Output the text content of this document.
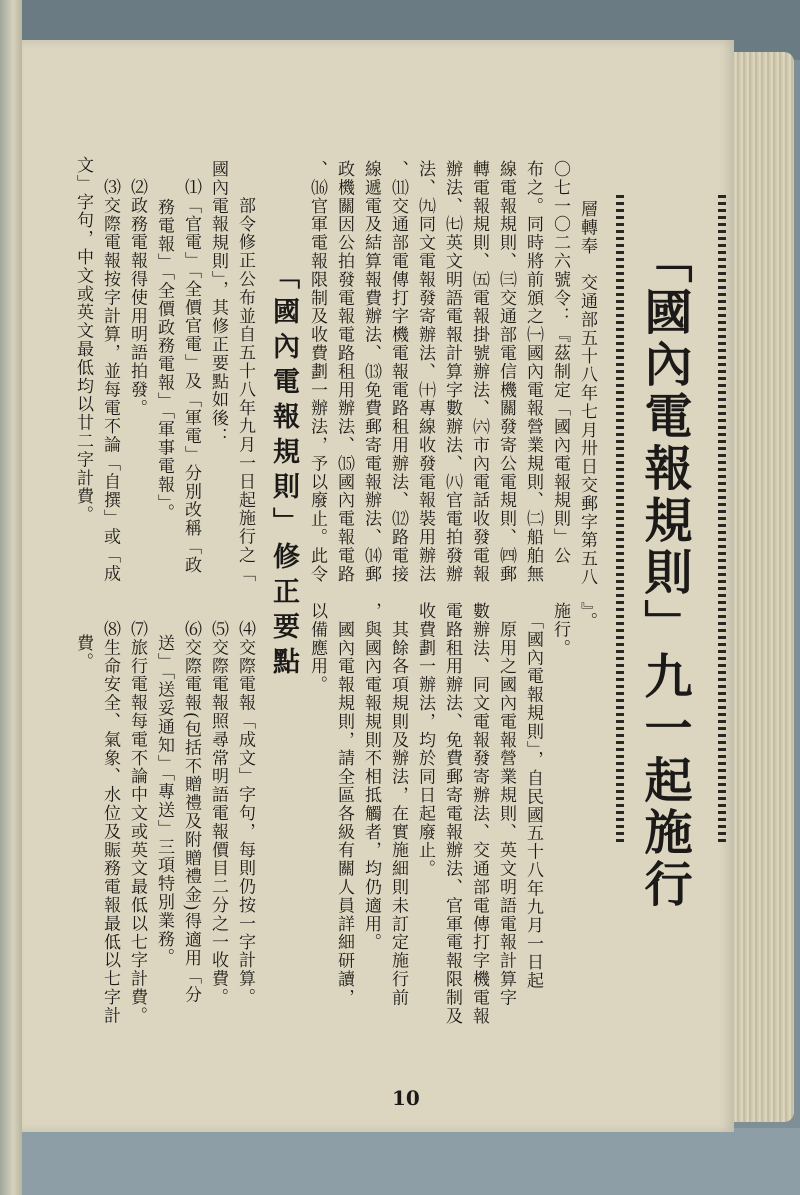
「國內電報規則」九一起施行
層轉奉　交通部五十八年七月卅日交郵字第五八
〇七一〇二六號令：『茲制定「國內電報規則」公
布之。同時將前頒之㈠國內電報營業規則、㈡船舶無
線電報規則、㈢交通部電信機關發寄公電規則、㈣郵
轉電報規則、㈤電報掛號辦法、㈥市內電話收發電報
辦法、㈦英文明語電報計算字數辦法、㈧官電拍發辦
法、㈨同文電報發寄辦法、㈩專線收發電報裝用辦法
、⑾交通部電傳打字機電報電路租用辦法、⑿路電接
線遞電及結算報費辦法、⒀免費郵寄電報辦法、⒁郵
政機關因公拍發電報電路租用辦法、⒂國內電報電路
、⒃官軍電報限制及收費劃一辦法，予以廢止。此令
』。
施行。
　「國內電報規則」，自民國五十八年九月一日起
　原用之國內電報營業規則、英文明語電報計算字
數辦法、同文電報發寄辦法、交通部電傳打字機電報
電路租用辦法、免費郵寄電報辦法、官軍電報限制及
收費劃一辦法，均於同日起廢止。
　其餘各項規則及辦法，在實施細則未訂定施行前
，與國內電報規則不相抵觸者，均仍適用。
　國內電報規則，請全區各級有關人員詳細研讀，
以備應用。
「國內電報規則」修正要點
　部令修正公布並自五十八年九月一日起施行之「
國內電報規則」，其修正要點如後：
⑴「官電」「全價官電」及「軍電」分別改稱「政
務電報」「全價政務電報」「軍事電報」。
⑵政務電報得使用明語拍發。
⑶交際電報按字計算，並每電不論「自撰」或「成
文」字句，中文或英文最低均以廿二字計費。
⑷交際電報「成文」字句，每則仍按一字計算。
⑸交際電報照尋常明語電報價目二分之一收費。
⑹交際電報(包括不贈禮及附贈禮金)得適用「分
送」「送妥通知」「專送」三項特別業務。
⑺旅行電報每電不論中文或英文最低以七字計費。
⑻生命安全、氣象、水位及賑務電報最低以七字計
費。
10
